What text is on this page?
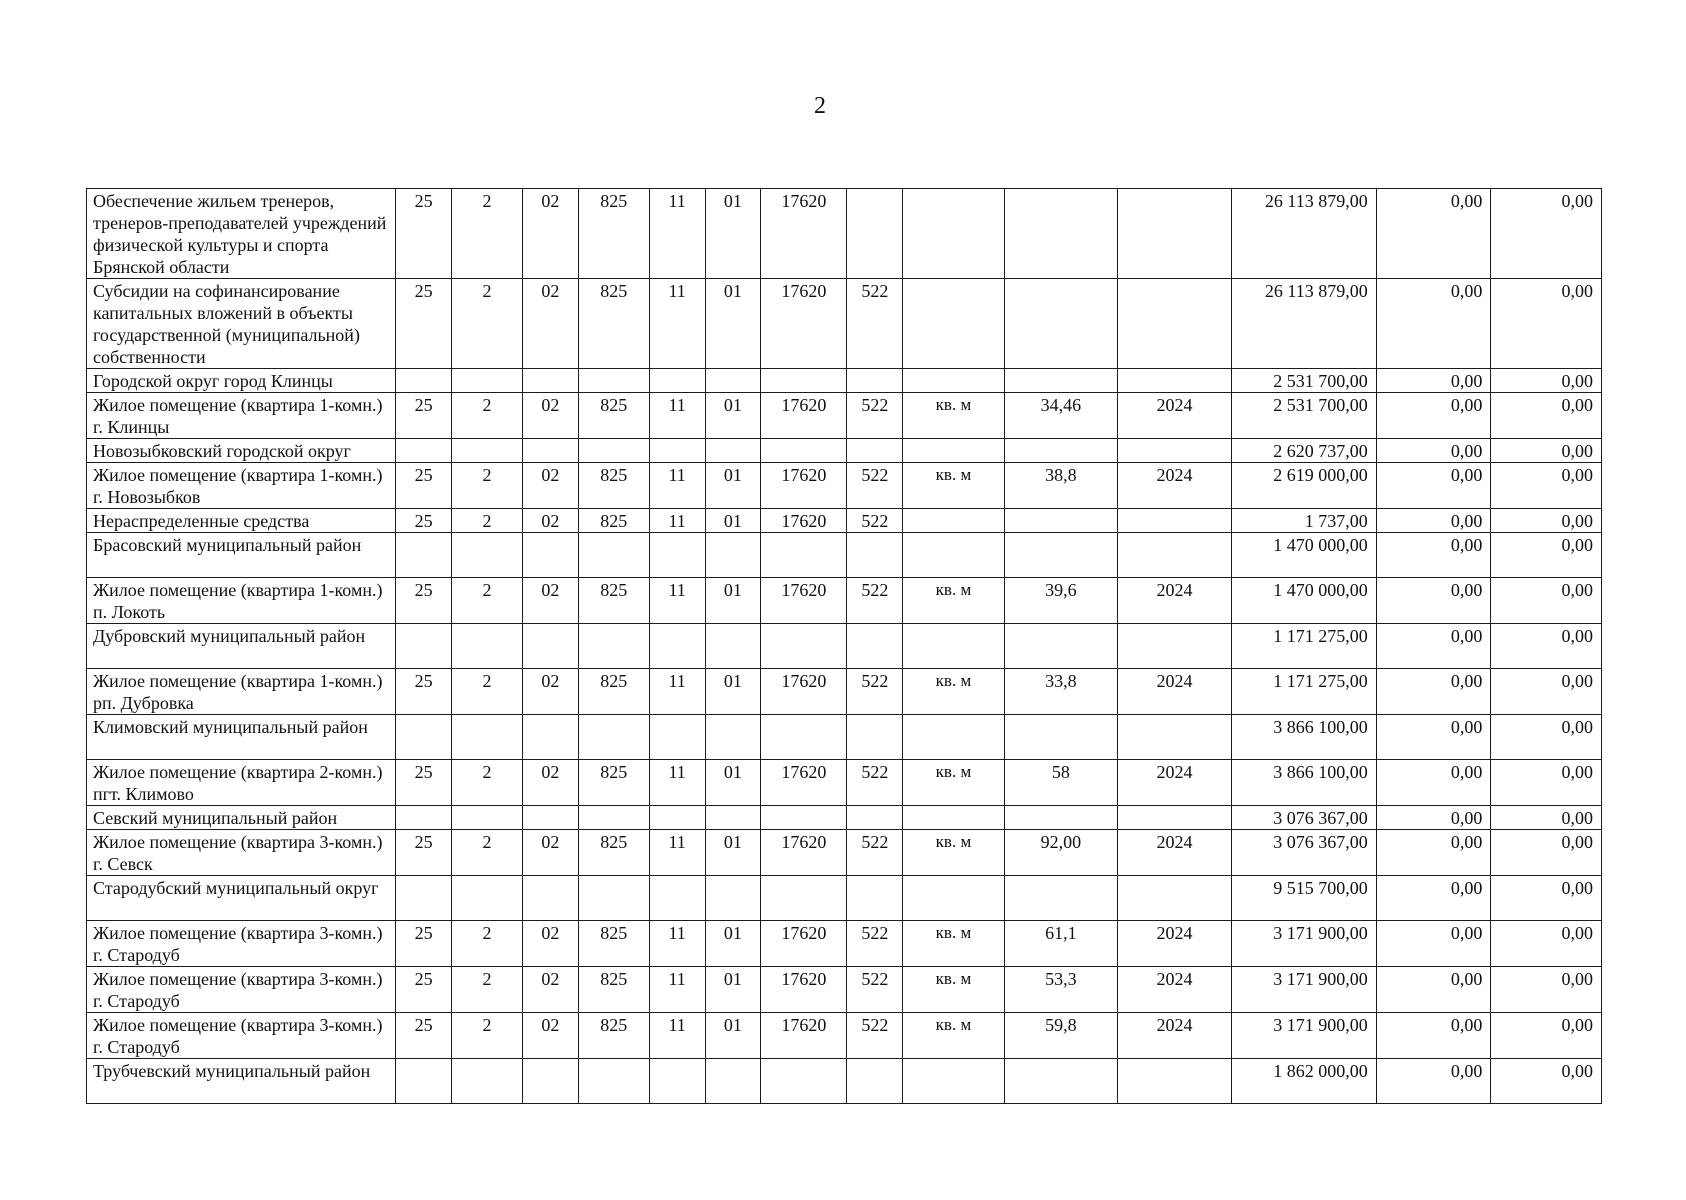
2
Обеспечение жильем тренеров, тренеров-преподавателей учреждений физической культуры и спорта Брянской области	25	2	02	825	11	01	17620					26 113 879,00	0,00	0,00
Субсидии на софинансирование капитальных вложений в объекты государственной (муниципальной) собственности	25	2	02	825	11	01	17620	522				26 113 879,00	0,00	0,00
Городской округ город Клинцы												2 531 700,00	0,00	0,00
Жилое помещение (квартира 1-комн.) г. Клинцы	25	2	02	825	11	01	17620	522	кв. м	34,46	2024	2 531 700,00	0,00	0,00
Новозыбковский городской округ												2 620 737,00	0,00	0,00
Жилое помещение (квартира 1-комн.) г. Новозыбков	25	2	02	825	11	01	17620	522	кв. м	38,8	2024	2 619 000,00	0,00	0,00
Нераспределенные средства	25	2	02	825	11	01	17620	522				1 737,00	0,00	0,00
Брасовский муниципальный район												1 470 000,00	0,00	0,00
Жилое помещение (квартира 1-комн.) п. Локоть	25	2	02	825	11	01	17620	522	кв. м	39,6	2024	1 470 000,00	0,00	0,00
Дубровский муниципальный район												1 171 275,00	0,00	0,00
Жилое помещение (квартира 1-комн.) рп. Дубровка	25	2	02	825	11	01	17620	522	кв. м	33,8	2024	1 171 275,00	0,00	0,00
Климовский муниципальный район												3 866 100,00	0,00	0,00
Жилое помещение (квартира 2-комн.) пгт. Климово	25	2	02	825	11	01	17620	522	кв. м	58	2024	3 866 100,00	0,00	0,00
Севский муниципальный район												3 076 367,00	0,00	0,00
Жилое помещение (квартира 3-комн.) г. Севск	25	2	02	825	11	01	17620	522	кв. м	92,00	2024	3 076 367,00	0,00	0,00
Стародубский муниципальный округ												9 515 700,00	0,00	0,00
Жилое помещение (квартира 3-комн.) г. Стародуб	25	2	02	825	11	01	17620	522	кв. м	61,1	2024	3 171 900,00	0,00	0,00
Жилое помещение (квартира 3-комн.) г. Стародуб	25	2	02	825	11	01	17620	522	кв. м	53,3	2024	3 171 900,00	0,00	0,00
Жилое помещение (квартира 3-комн.) г. Стародуб	25	2	02	825	11	01	17620	522	кв. м	59,8	2024	3 171 900,00	0,00	0,00
Трубчевский муниципальный район												1 862 000,00	0,00	0,00
